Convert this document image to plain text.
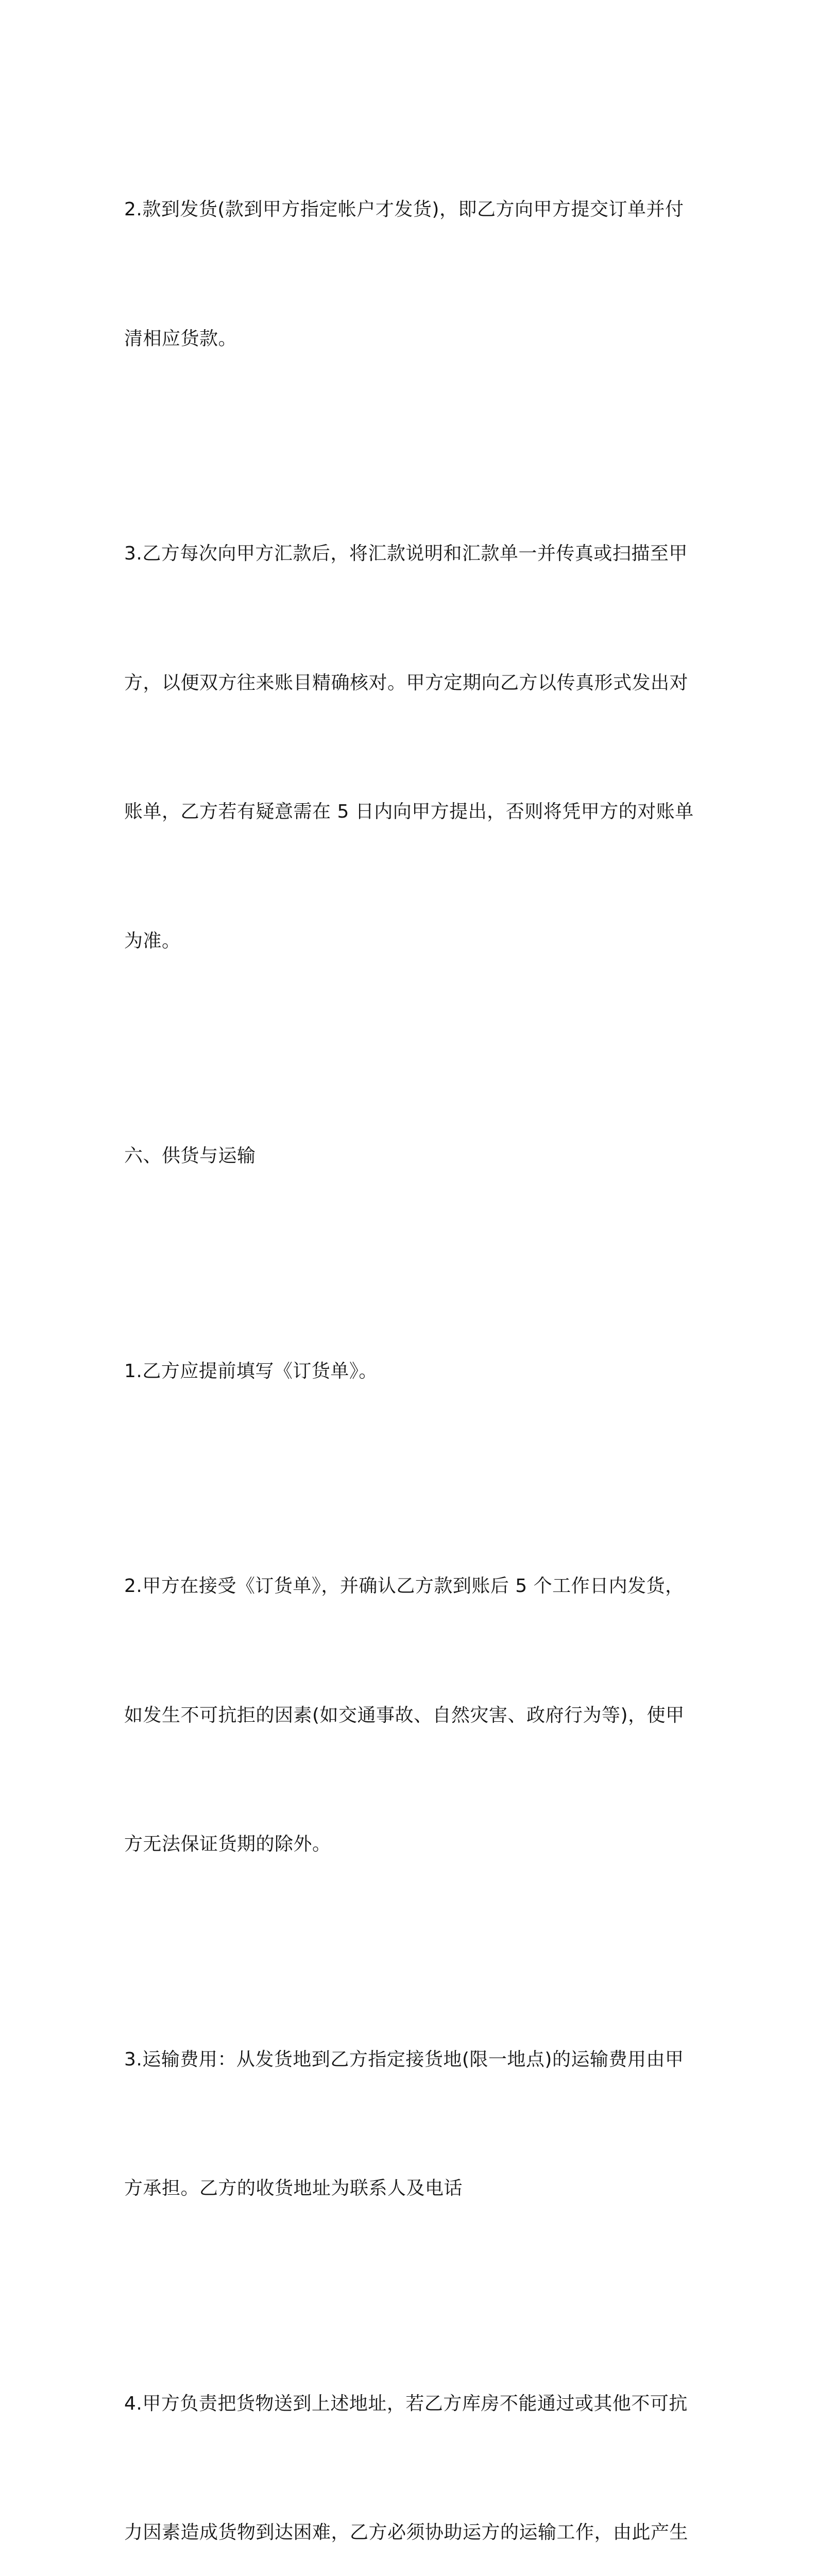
2.款到发货(款到甲方指定帐户才发货)，即乙方向甲方提交订单并付

清相应货款。

3.乙方每次向甲方汇款后，将汇款说明和汇款单一并传真或扫描至甲

方，以便双方往来账目精确核对。甲方定期向乙方以传真形式发出对

账单，乙方若有疑意需在 5 日内向甲方提出，否则将凭甲方的对账单

为准。

六、供货与运输

1.乙方应提前填写《订货单》。

2.甲方在接受《订货单》，并确认乙方款到账后 5 个工作日内发货，

如发生不可抗拒的因素(如交通事故、自然灾害、政府行为等)，使甲

方无法保证货期的除外。

3.运输费用：从发货地到乙方指定接货地(限一地点)的运输费用由甲

方承担。乙方的收货地址为联系人及电话

4.甲方负责把货物送到上述地址，若乙方库房不能通过或其他不可抗

力因素造成货物到达困难，乙方必须协助运方的运输工作，由此产生
